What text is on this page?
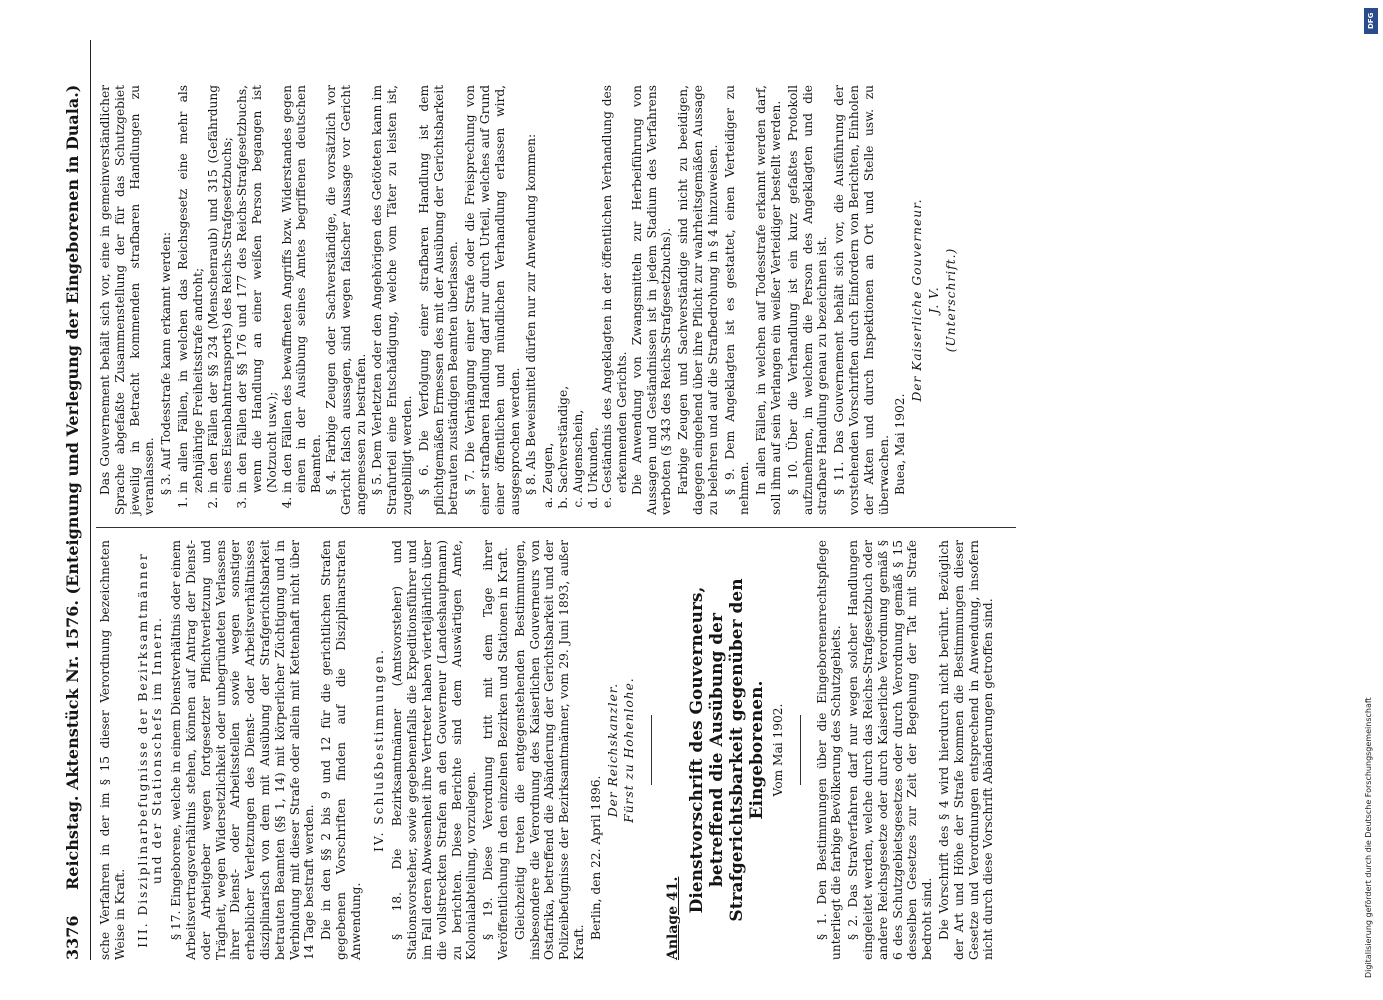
3376
Reichstag. Aktenstück Nr. 1576. (Enteignung und Verlegung der Eingeborenen in Duala.) sche Verfahren in der im § 15 dieser Verordnung bezeichneten Weise in Kraft. III. Disziplinarbefugnisse der Bezirksamtmänner und der Stationschefs im Innern. § 17. Eingeborene, welche in einem Dienstverhältnis oder einem Arbeitsvertragsverhältnis stehen, können auf Antrag der Dienst- oder Arbeitgeber wegen fortgesetzter Pflichtverletzung und Trägheit, wegen Widersetzlichkeit oder unbegründeten Verlassens ihrer Dienst- oder Arbeitsstellen sowie wegen sonstiger erheblicher Verletzungen des Dienst- oder Arbeitsverhältnisses disziplinarisch von dem mit Ausübung der Strafgerichtsbarkeit betrauten Beamten (§§ 1, 14) mit körperlicher Züchtigung und in Verbindung mit dieser Strafe oder allein mit Kettenhaft nicht über 14 Tage bestraft werden. Die in den §§ 2 bis 9 und 12 für die gerichtlichen Strafen gegebenen Vorschriften finden auf die Disziplinarstrafen Anwendung.

IV. Schlußbestimmungen. § 18. Die Bezirksamtmänner (Amtsvorsteher) und Stationsvorsteher, sowie gegebenenfalls die Expeditionsführer und im Fall deren Abwesenheit ihre Vertreter haben vierteljährlich über die vollstreckten Strafen an den Gouverneur (Landeshauptmann) zu berichten. Diese Berichte sind dem Auswärtigen Amte, Kolonialabteilung, vorzulegen. § 19. Diese Verordnung tritt mit dem Tage ihrer Veröffentlichung in den einzelnen Bezirken und Stationen in Kraft. Gleichzeitig treten die entgegenstehenden Bestimmungen, insbesondere die Verordnung des Kaiserlichen Gouverneurs von Ostafrika, betreffend die Abänderung der Gerichtsbarkeit und der Polizeibefugnisse der Bezirksamtmänner, vom 29. Juni 1893, außer Kraft.

Berlin, den 22. April 1896.

Der Reichskanzler. Fürst zu Hohenlohe.

Anlage 41.

Dienstvorschrift des Gouverneurs, betreffend die Ausübung der Strafgerichtsbarkeit gegenüber den Eingeborenen. Vom Mai 1902. § 1. Den Bestimmungen über die Eingeborenenrechtspflege unterliegt die farbige Bevölkerung des Schutzgebiets. § 2. Das Strafverfahren darf nur wegen solcher Handlungen eingeleitet werden, welche durch das Reichs-Strafgesetzbuch oder andere Reichsgesetze oder durch Kaiserliche Verordnung gemäß § 6 des Schutzgebietsgesetzes oder durch Verordnung gemäß § 15 desselben Gesetzes zur Zeit der Begehung der Tat mit Strafe bedroht sind. Die Vorschrift des § 4 wird hierdurch nicht berührt. Bezüglich der Art und Höhe der Strafe kommen die Bestimmungen dieser Gesetze und Verordnungen entsprechend in Anwendung, insofern nicht durch diese Vorschrift Abänderungen getroffen sind.

Das Gouvernement behält sich vor, eine in gemeinverständlicher Sprache abgefaßte Zusammenstellung der für das Schutzgebiet jeweilig in Betracht kommenden strafbaren Handlungen zu veranlassen. § 3. Auf Todesstrafe kann erkannt werden: 1. in allen Fällen, in welchen das Reichsgesetz eine mehr als zehnjährige Freiheitsstrafe androht; 2. in den Fällen der §§ 234 (Menschenraub) und 315 (Gefährdung eines Eisenbahntransports) des Reichs-Strafgesetzbuchs; 3. in den Fällen der §§ 176 und 177 des Reichs-Strafgesetzbuchs, wenn die Handlung an einer weißen Person begangen ist (Notzucht usw.); 4. in den Fällen des bewaffneten Angriffs bzw. Widerstandes gegen einen in der Ausübung seines Amtes begriffenen deutschen Beamten. § 4. Farbige Zeugen oder Sachverständige, die vorsätzlich vor Gericht falsch aussagen, sind wegen falscher Aussage vor Gericht angemessen zu bestrafen. § 5. Dem Verletzten oder den Angehörigen des Getöteten kann im Strafurteil eine Entschädigung, welche vom Täter zu leisten ist, zugebilligt werden. § 6. Die Verfolgung einer strafbaren Handlung ist dem pflichtgemäßen Ermessen des mit der Ausübung der Gerichtsbarkeit betrauten zuständigen Beamten überlassen. § 7. Die Verhängung einer Strafe oder die Freisprechung von einer strafbaren Handlung darf nur durch Urteil, welches auf Grund einer öffentlichen und mündlichen Verhandlung erlassen wird, ausgesprochen werden. § 8. Als Beweismittel dürfen nur zur Anwendung kommen: a. Zeugen, b. Sachverständige, c. Augenschein, d. Urkunden, e. Geständnis des Angeklagten in der öffentlichen Verhandlung des erkennenden Gerichts. Die Anwendung von Zwangsmitteln zur Herbeiführung von Aussagen und Geständnissen ist in jedem Stadium des Verfahrens verboten (§ 343 des Reichs-Strafgesetzbuchs). Farbige Zeugen und Sachverständige sind nicht zu beeidigen, dagegen eingehend über ihre Pflicht zur wahrheitsgemäßen Aussage zu belehren und auf die Strafbedrohung in § 4 hinzuweisen. § 9. Dem Angeklagten ist es gestattet, einen Verteidiger zu nehmen. In allen Fällen, in welchen auf Todesstrafe erkannt werden darf, soll ihm auf sein Verlangen ein weißer Verteidiger bestellt werden. § 10. Über die Verhandlung ist ein kurz gefaßtes Protokoll aufzunehmen, in welchem die Person des Angeklagten und die strafbare Handlung genau zu bezeichnen ist. § 11. Das Gouvernement behält sich vor, die Ausführung der vorstehenden Vorschriften durch Einfordern von Berichten, Einholen der Akten und durch Inspektionen an Ort und Stelle usw. zu überwachen. Buea, Mai 1902.

Der Kaiserliche Gouverneur. J. V. (Unterschrift.)

DFG
Digitalisierung gefördert durch die Deutsche Forschungsgemeinschaft
